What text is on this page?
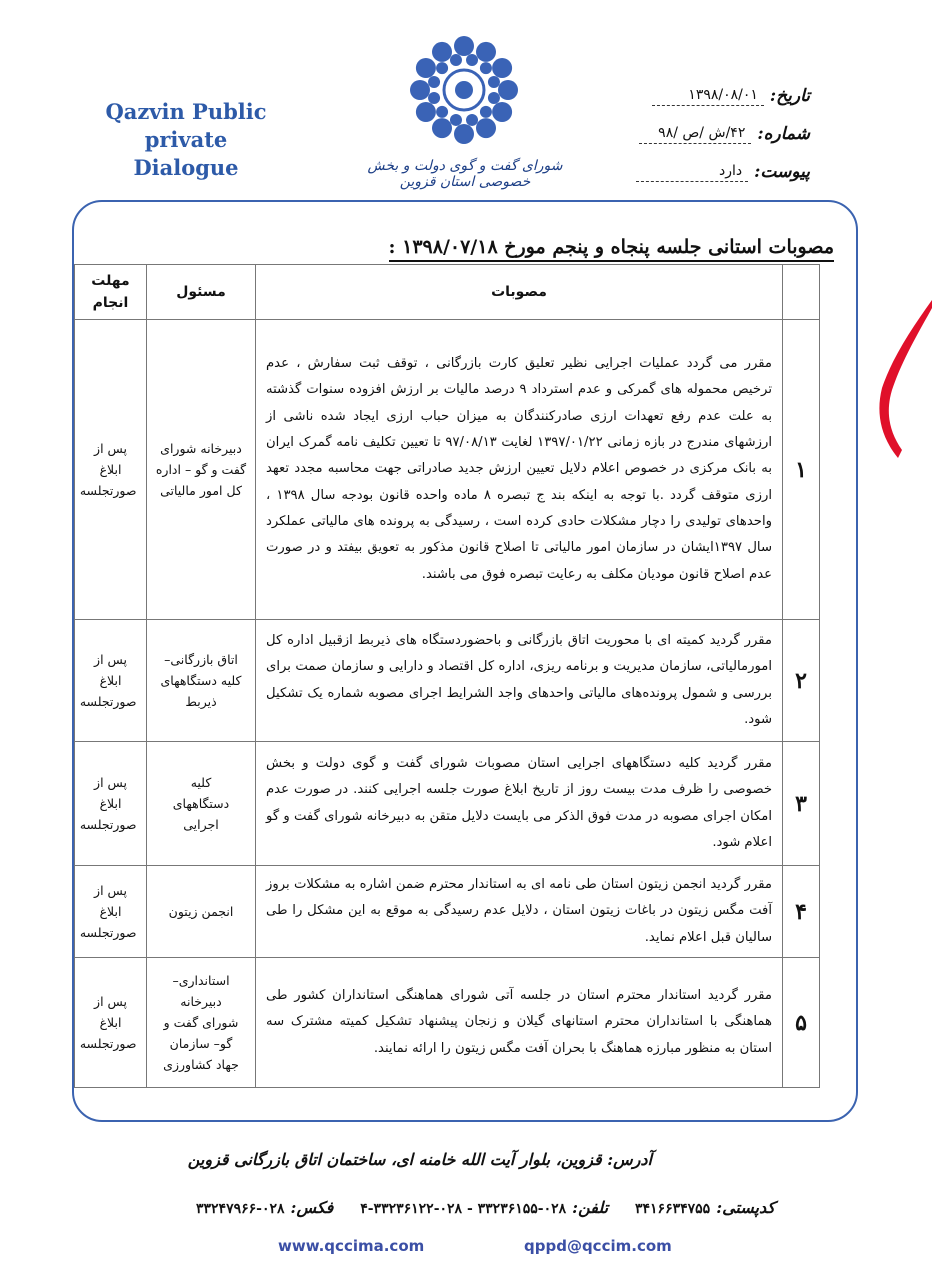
Qazvin Public
private Dialogue	شورای گفت و گوی دولت و بخش خصوصی استان قزوین
تاریخ:
۱۳۹۸/۰۸/۰۱
شماره:
۴۲/ش /ص /۹۸
پیوست:
دارد
مصوبات استانی جلسه پنجاه و پنجم مورخ ۱۳۹۸/۰۷/۱۸ :
	مصوبات	مسئول	مهلت انجام

۱	مقرر می گردد عملیات اجرایی نظیر تعلیق کارت بازرگانی ، توقف ثبت سفارش ، عدم ترخیص محموله های گمرکی و عدم استرداد ۹ درصد مالیات بر ارزش افزوده سنوات گذشته به علت عدم رفع تعهدات ارزی صادرکنندگان به میزان حباب ارزی ایجاد شده ناشی از ارزشهای مندرج در بازه زمانی ۱۳۹۷/۰۱/۲۲ لغایت ۹۷/۰۸/۱۳ تا تعیین تکلیف نامه گمرک ایران به بانک مرکزی در خصوص اعلام دلایل تعیین ارزش جدید صادراتی جهت محاسبه مجدد تعهد ارزی متوقف گردد .با توجه به اینکه بند ج تبصره ۸ ماده واحده قانون بودجه سال ۱۳۹۸ ، واحدهای تولیدی را دچار مشکلات حادی کرده است ، رسیدگی به پرونده های مالیاتی عملکرد سال ۱۳۹۷ایشان در سازمان امور مالیاتی تا اصلاح قانون مذکور به تعویق بیفتد و در صورت عدم اصلاح قانون مودیان مکلف به رعایت تبصره فوق می باشند.	دبیرخانه شورای گفت و گو – اداره کل امور مالیاتی	پس از ابلاغ صورتجلسه

۲	مقرر گردید کمیته ای با محوریت اتاق بازرگانی و باحضوردستگاه های ذیربط ازقبیل اداره کل امورمالیاتی، سازمان مدیریت و برنامه ریزی، اداره کل اقتصاد و دارایی و سازمان صمت برای بررسی و شمول پرونده‌های مالیاتی واحدهای واجد الشرایط اجرای مصوبه شماره یک تشکیل شود.	اتاق بازرگانی– کلیه دستگاههای ذیربط	پس از ابلاغ صورتجلسه

۳	مقرر گردید کلیه دستگاههای اجرایی استان مصوبات شورای گفت و گوی دولت و بخش خصوصی را ظرف مدت بیست روز از تاریخ ابلاغ صورت جلسه اجرایی کنند. در صورت عدم امکان اجرای مصوبه در مدت فوق الذکر می بایست دلایل متقن به دبیرخانه شورای گفت و گو اعلام شود.	کلیه دستگاههای اجرایی	پس از ابلاغ صورتجلسه

۴	مقرر گردید انجمن زیتون استان طی نامه ای به استاندار محترم ضمن اشاره به مشکلات بروز آفت مگس زیتون در باغات زیتون استان ، دلایل عدم رسیدگی به موقع به این مشکل را طی سالیان قبل اعلام نماید.	انجمن زیتون	پس از ابلاغ صورتجلسه

۵	مقرر گردید استاندار محترم استان در جلسه آتی شورای هماهنگی استانداران کشور طی هماهنگی با استانداران محترم استانهای گیلان و زنجان پیشنهاد تشکیل کمیته مشترک سه استان به منظور مبارزه هماهنگ با بحران آفت مگس زیتون را ارائه نمایند.	استانداری– دبیرخانه شورای گفت و گو– سازمان جهاد کشاورزی	پس از ابلاغ صورتجلسه
آدرس: قزوین، بلوار آیت الله خامنه ای، ساختمان اتاق بازرگانی قزوین
کدپستی:۳۴۱۶۶۳۴۷۵۵ تلفن:۰۲۸-۳۳۲۳۶۱۵۵ - ۰۲۸-۳۳۲۳۶۱۲۲-۴ فکس:۰۲۸-۳۳۲۴۷۹۶۶
www.qccima.com	qppd@qccim.com
